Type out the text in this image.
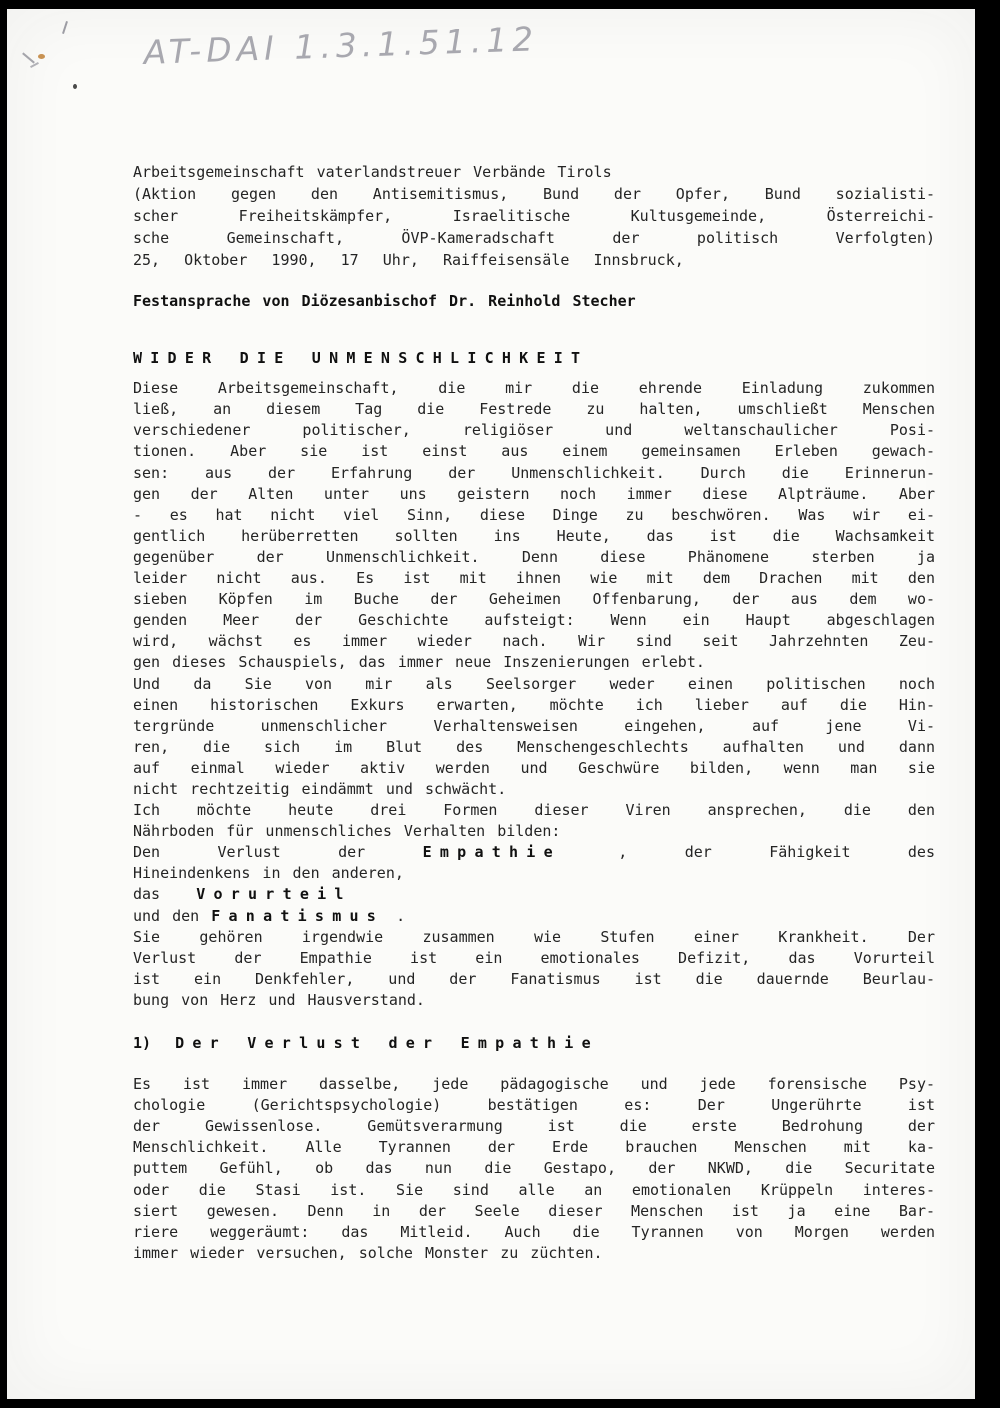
AT-DAI 1.3.1.51.12
Arbeitsgemeinschaft vaterlandstreuer Verbände Tirols
(Aktion gegen den Antisemitismus, Bund der Opfer, Bund sozialisti-
scher Freiheitskämpfer, Israelitische Kultusgemeinde, Österreichi-
sche Gemeinschaft, ÖVP-Kameradschaft der politisch Verfolgten)
25,  Oktober  1990,  17  Uhr,  Raiffeisensäle  Innsbruck,
Festansprache von Diözesanbischof Dr. Reinhold Stecher
WIDER DIE UNMENSCHLICHKEIT
Diese Arbeitsgemeinschaft, die mir die ehrende Einladung zukommen
ließ, an diesem Tag die Festrede zu halten, umschließt Menschen
verschiedener politischer, religiöser und weltanschaulicher Posi-
tionen. Aber sie ist einst aus einem gemeinsamen Erleben gewach-
sen: aus der Erfahrung der Unmenschlichkeit. Durch die Erinnerun-
gen der Alten unter uns geistern noch immer diese Alpträume. Aber
- es hat nicht viel Sinn, diese Dinge zu beschwören. Was wir ei-
gentlich herüberretten sollten ins Heute, das ist die Wachsamkeit
gegenüber der Unmenschlichkeit. Denn diese Phänomene sterben ja
leider nicht aus. Es ist mit ihnen wie mit dem Drachen mit den
sieben Köpfen im Buche der Geheimen Offenbarung, der aus dem wo-
genden Meer der Geschichte aufsteigt: Wenn ein Haupt abgeschlagen
wird, wächst es immer wieder nach. Wir sind seit Jahrzehnten Zeu-
gen dieses Schauspiels, das immer neue Inszenierungen erlebt.
Und da Sie von mir als Seelsorger weder einen politischen noch
einen historischen Exkurs erwarten, möchte ich lieber auf die Hin-
tergründe unmenschlicher Verhaltensweisen eingehen, auf jene Vi-
ren, die sich im Blut des Menschengeschlechts aufhalten und dann
auf einmal wieder aktiv werden und Geschwüre bilden, wenn man sie
nicht rechtzeitig eindämmt und schwächt.
Ich möchte heute drei Formen dieser Viren ansprechen, die den
Nährboden für unmenschliches Verhalten bilden:
Den Verlust der Empathie , der Fähigkeit des
Hineindenkens in den anderen,
das   Vorurteil
und den Fanatismus .
Sie gehören irgendwie zusammen wie Stufen einer Krankheit. Der
Verlust der Empathie ist ein emotionales Defizit, das Vorurteil
ist ein Denkfehler, und der Fanatismus ist die dauernde Beurlau-
bung von Herz und Hausverstand.
1)  Der Verlust der Empathie
Es ist immer dasselbe, jede pädagogische und jede forensische Psy-
chologie (Gerichtspsychologie) bestätigen es: Der Ungerührte ist
der Gewissenlose. Gemütsverarmung ist die erste Bedrohung der
Menschlichkeit. Alle Tyrannen der Erde brauchen Menschen mit ka-
puttem Gefühl, ob das nun die Gestapo, der NKWD, die Securitate
oder die Stasi ist. Sie sind alle an emotionalen Krüppeln interes-
siert gewesen. Denn in der Seele dieser Menschen ist ja eine Bar-
riere weggeräumt: das Mitleid. Auch die Tyrannen von Morgen werden
immer wieder versuchen, solche Monster zu züchten.
